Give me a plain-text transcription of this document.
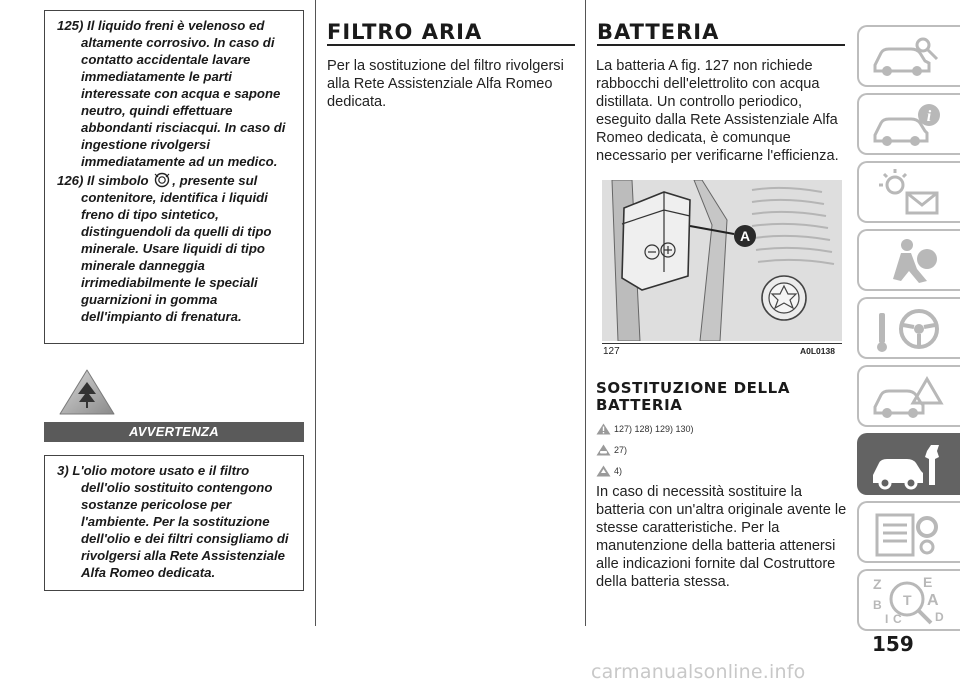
125) Il liquido freni è velenoso ed altamente corrosivo. In caso di contatto accidentale lavare immediatamente le parti interessate con acqua e sapone neutro, quindi effettuare abbondanti risciacqui. In caso di ingestione rivolgersi immediatamente ad un medico.

126) Il simbolo , presente sul contenitore, identifica i liquidi freno di tipo sintetico, distinguendoli da quelli di tipo minerale. Usare liquidi di tipo minerale danneggia irrimediabilmente le speciali guarnizioni in gomma dell'impianto di frenatura.

AVVERTENZA

3) L'olio motore usato e il filtro dell'olio sostituito contengono sostanze pericolose per l'ambiente. Per la sostituzione dell'olio e dei filtri consigliamo di rivolgersi alla Rete Assistenziale Alfa Romeo dedicata.

FILTRO ARIA
Per la sostituzione del filtro rivolgersi alla Rete Assistenziale Alfa Romeo dedicata.
BATTERIA
La batteria A fig. 127 non richiede rabbocchi dell'elettrolito con acqua distillata. Un controllo periodico, eseguito dalla Rete Assistenziale Alfa Romeo dedicata, è comunque necessario per verificarne l'efficienza.
A
127	A0L0138
SOSTITUZIONE DELLA BATTERIA
127) 128) 129) 130)
27)
4)
In caso di necessità sostituire la batteria con un'altra originale avente le stesse caratteristiche. Per la manutenzione della batteria attenersi alle indicazioni fornite dal Costruttore della batteria stessa.
i
Z	E
A
B
C	D
T
I
159
carmanualsonline.info
